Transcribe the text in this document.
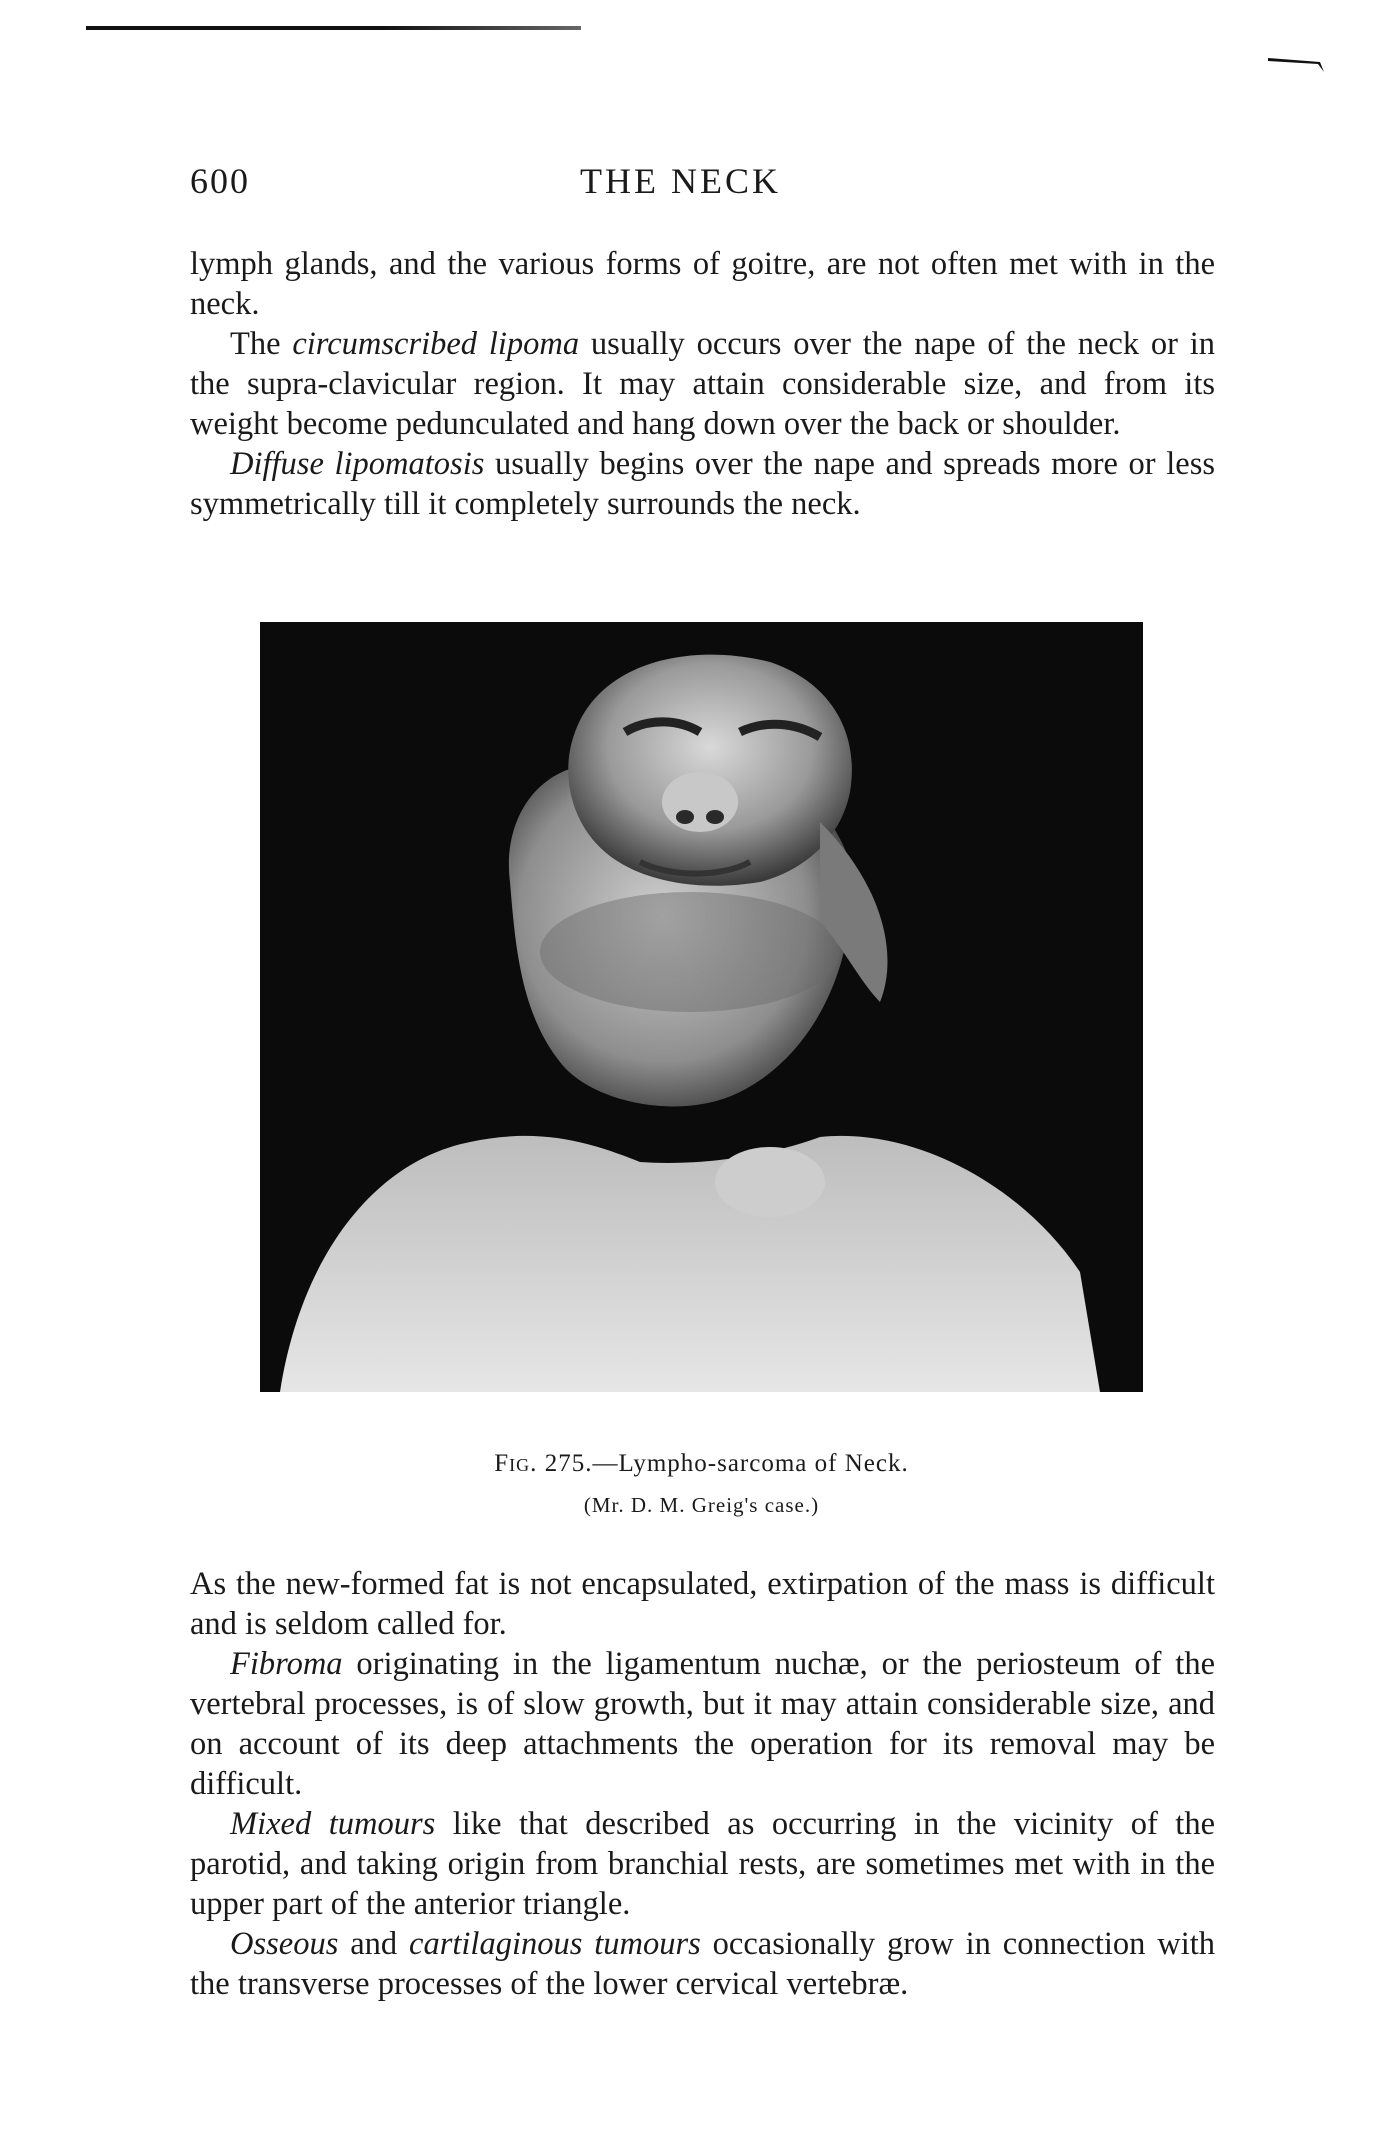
600	THE NECK

lymph glands, and the various forms of goitre, are not often met with in the neck.

The circumscribed lipoma usually occurs over the nape of the neck or in the supra-clavicular region. It may attain considerable size, and from its weight become pedunculated and hang down over the back or shoulder.

Diffuse lipomatosis usually begins over the nape and spreads more or less symmetrically till it completely surrounds the neck.

Fig. 275.—Lympho-sarcoma of Neck.
(Mr. D. M. Greig's case.)

As the new-formed fat is not encapsulated, extirpation of the mass is difficult and is seldom called for.

Fibroma originating in the ligamentum nuchæ, or the periosteum of the vertebral processes, is of slow growth, but it may attain considerable size, and on account of its deep attachments the operation for its removal may be difficult.

Mixed tumours like that described as occurring in the vicinity of the parotid, and taking origin from branchial rests, are sometimes met with in the upper part of the anterior triangle.

Osseous and cartilaginous tumours occasionally grow in connection with the transverse processes of the lower cervical vertebræ.
